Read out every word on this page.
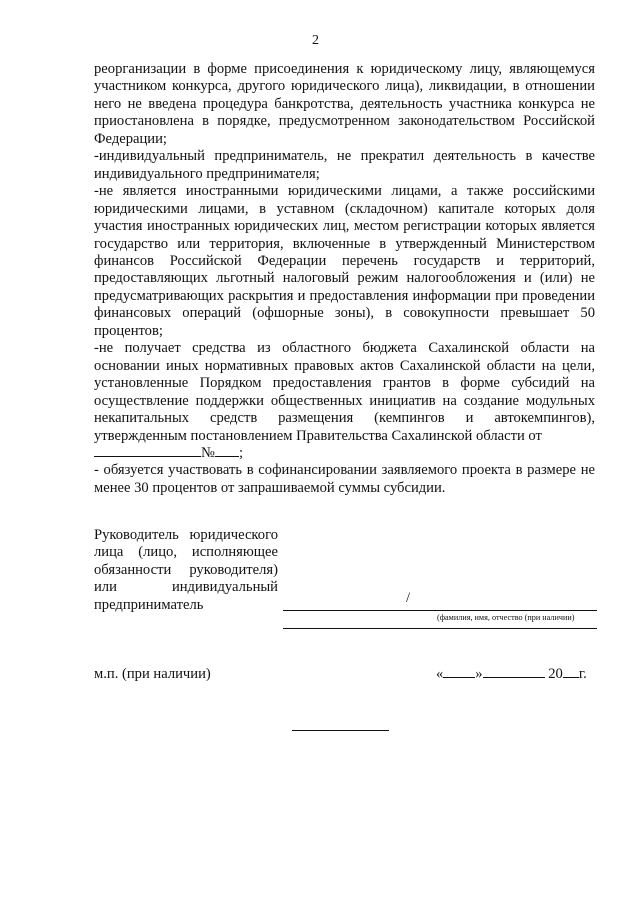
2

реорганизации в форме присоединения к юридическому лицу, являющемуся участником конкурса, другого юридического лица), ликвидации, в отношении него не введена процедура банкротства, деятельность участника конкурса не приостановлена в порядке, предусмотренном законодательством Российской Федерации;

-индивидуальный предприниматель, не прекратил деятельность в качестве индивидуального предпринимателя;

-не является иностранными юридическими лицами, а также российскими юридическими лицами, в уставном (складочном) капитале которых доля участия иностранных юридических лиц, местом регистрации которых является государство или территория, включенные в утвержденный Министерством финансов Российской Федерации перечень государств и территорий, предоставляющих льготный налоговый режим налогообложения и (или) не предусматривающих раскрытия и предоставления информации при проведении финансовых операций (офшорные зоны), в совокупности превышает 50 процентов;

-не получает средства из областного бюджета Сахалинской области на основании иных нормативных правовых актов Сахалинской области на цели, установленные Порядком предоставления грантов в форме субсидий на осуществление поддержки общественных инициатив на создание модульных некапитальных средств размещения (кемпингов и автокемпингов), утвержденным постановлением Правительства Сахалинской области от

№ ;

- обязуется участвовать в софинансировании заявляемого проекта в размере не менее 30 процентов от запрашиваемой суммы субсидии.

Руководитель юридического

лица (лицо, исполняющее

обязанности руководителя)

или индивидуальный

предприниматель	/
(фамилия, имя, отчество (при наличии)
м.п. (при наличии)	« »	20 г.
